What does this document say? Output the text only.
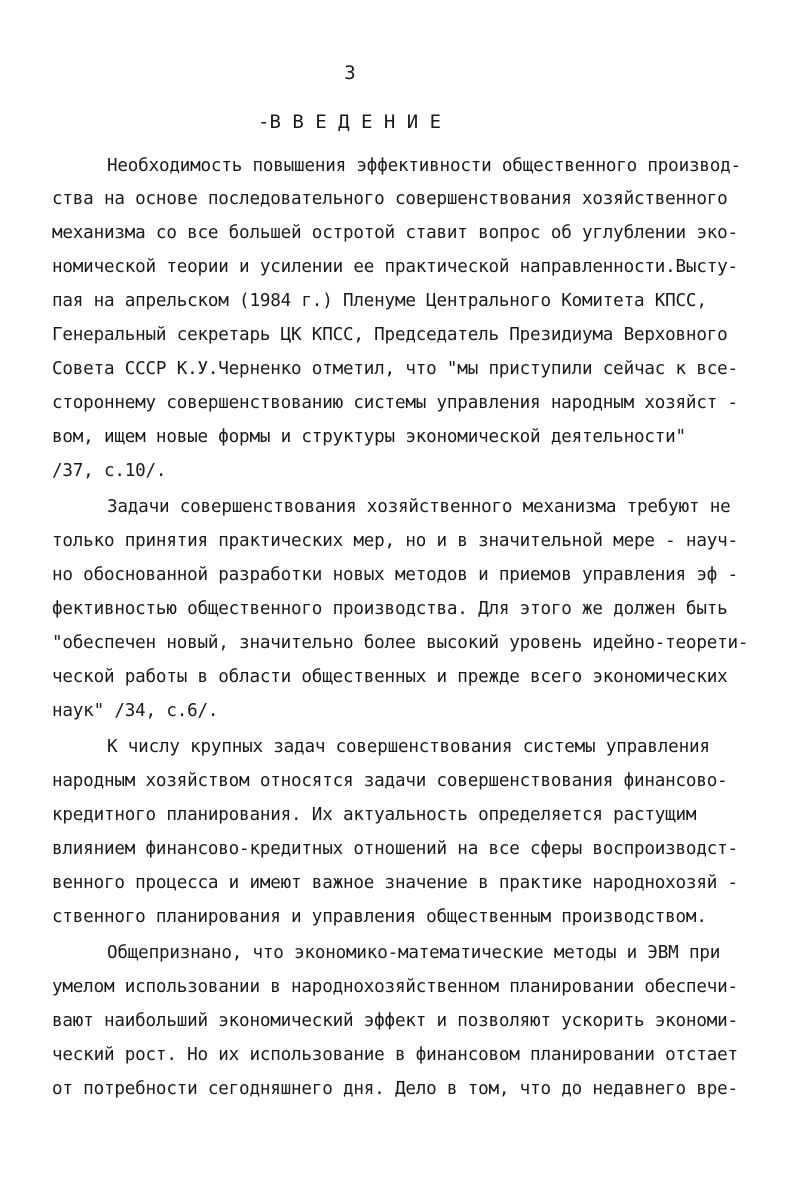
3
-В В Е Д Е Н И Е
Необходимость повышения эффективности общественного производ-
ства на основе последовательного совершенствования хозяйственного
механизма со все большей остротой ставит вопрос об углублении эко-
номической теории и усилении ее практической направленности.Высту-
пая на апрельском (1984 г.) Пленуме Центрального Комитета КПСС,
Генеральный секретарь ЦК КПСС, Председатель Президиума Верховного
Совета СССР К.У.Черненко отметил, что "мы приступили сейчас к все-
стороннему совершенствованию системы управления народным хозяйст -
вом, ищем новые формы и структуры экономической деятельности"
/37, с.10/.
Задачи совершенствования хозяйственного механизма требуют не
только принятия практических мер, но и в значительной мере - науч-
но обоснованной разработки новых методов и приемов управления эф -
фективностью общественного производства. Для этого же должен быть
"обеспечен новый, значительно более высокий уровень идейно-теорети-
ческой работы в области общественных и прежде всего экономических
наук" /34, с.6/.
К числу крупных задач совершенствования системы управления
народным хозяйством относятся задачи совершенствования финансово-
кредитного планирования. Их актуальность определяется растущим
влиянием финансово-кредитных отношений на все сферы воспроизводст-
венного процесса и имеют важное значение в практике народнохозяй -
ственного планирования и управления общественным производством.
Общепризнано, что экономико-математические методы и ЭВМ при
умелом использовании в народнохозяйственном планировании обеспечи-
вают наибольший экономический эффект и позволяют ускорить экономи-
ческий рост. Но их использование в финансовом планировании отстает
от потребности сегодняшнего дня. Дело в том, что до недавнего вре-
